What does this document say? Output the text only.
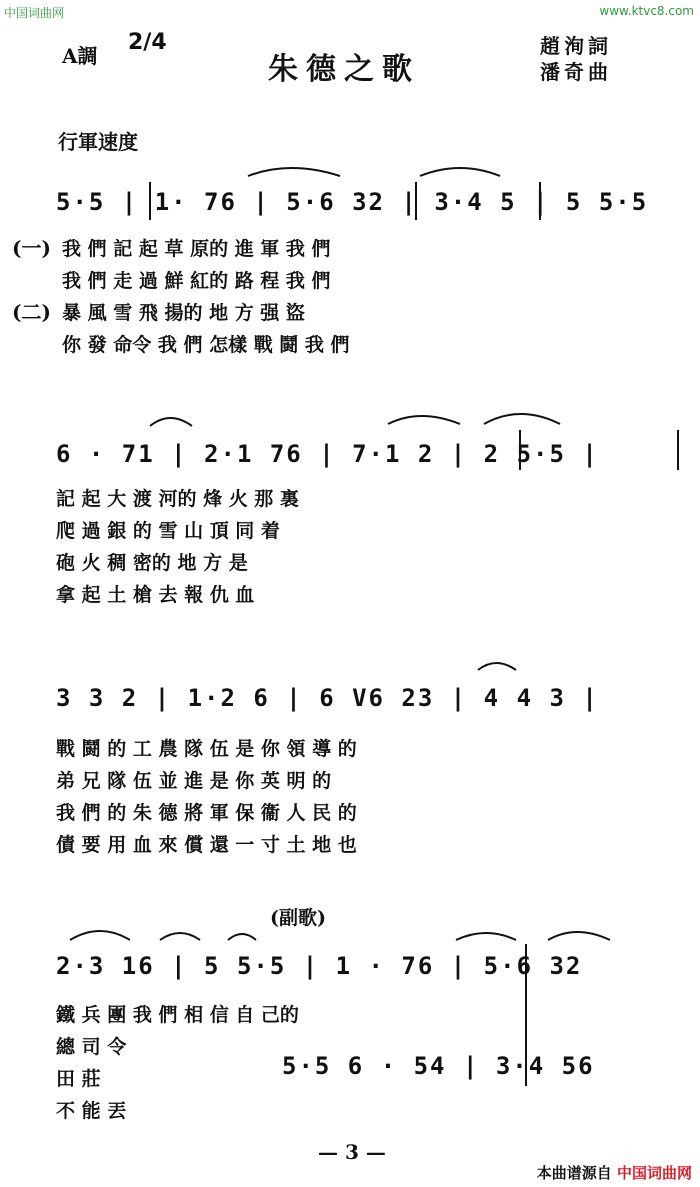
中国词曲网	www.ktvc8.com
A調
2/4
朱德之歌
趙洵詞
潘奇曲
行軍速度
5·5 | 1· 76 | 5·6 32 | 3·4 5 | 5 5·5
(一)
(二)
我 們 記 起 草 原的 進 軍 我 們
我 們 走 過 鮮 紅的 路 程 我 們
暴 風 雪 飛 揚的 地 方 强 盜
你 發 命令 我 們 怎樣 戰 鬪 我 們
6 · 71 | 2·1 76 | 7·1 2 | 2 5·5 |
記 起 大 渡 河的 烽 火 那 裏
爬 過 銀 的 雪 山 頂 同 着
砲 火 稠 密的 地 方 是
拿 起 土 槍 去 報 仇 血
3 3 2 | 1·2 6 | 6 V6 23 | 4 4 3 |
戰 鬪 的 工 農 隊 伍 是 你 領 導 的
弟 兄 隊 伍 並 進 是 你 英 明 的
我 們 的 朱 德 將 軍 保 衞 人 民 的
債 要 用 血 來 償 還 一 寸 土 地 也
(副歌)
2·3 16 | 5 5·5 | 1 · 76 | 5·6 32
鐵 兵 團 我 們 相 信 自 己的
總 司 令
5·5 6 · 54 | 3·4 56
田 莊
不 能 丟
— 3 —
本曲谱源自 中国词曲网
